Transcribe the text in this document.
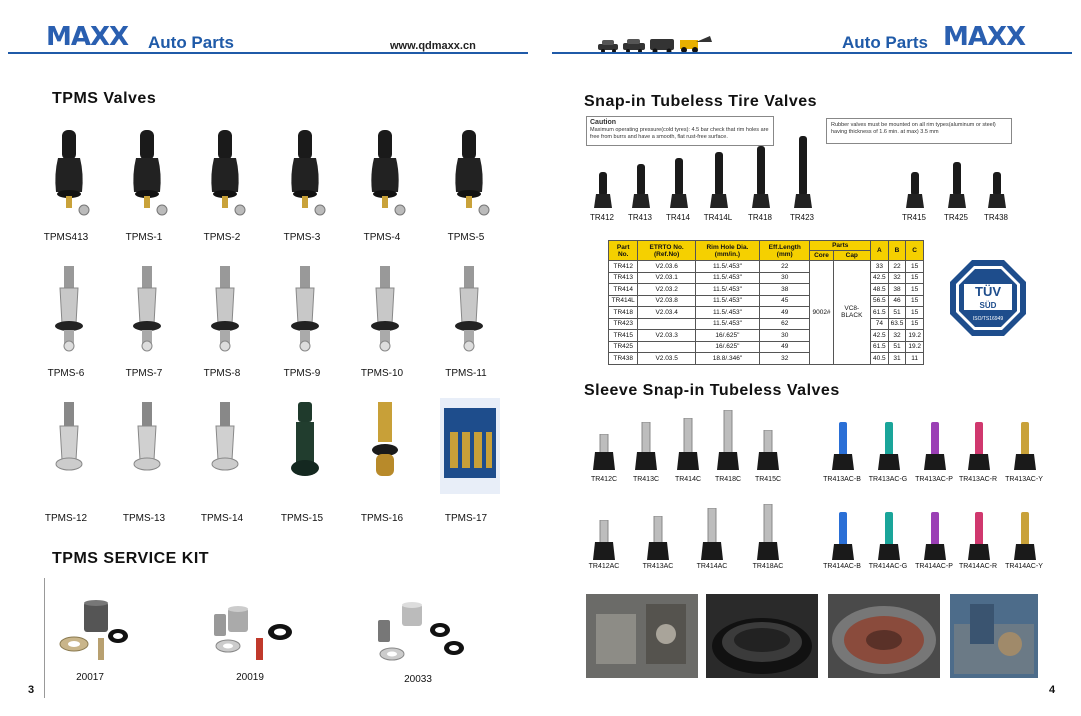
MAXX Auto Parts	www.qdmaxx.cn	Auto Parts MAXX
TPMS Valves
TPMS413	TPMS-1	TPMS-2	TPMS-3	TPMS-4	TPMS-5
TPMS-6	TPMS-7	TPMS-8	TPMS-9	TPMS-10	TPMS-11
TPMS-12	TPMS-13	TPMS-14	TPMS-15	TPMS-16	TPMS-17
TPMS SERVICE KIT
20017	20019	20033
3
Snap-in Tubeless Tire Valves
Caution
Maximum operating pressure(cold tyres): 4.5 bar check that rim holes are free from burrs and have a smooth, flat rust-free surface.
Rubber valves must be mounted on all rim types(aluminum or steel) having thickness of 1.6 min. at max) 3.5 mm
TR412	TR413	TR414	TR414L	TR418	TR423	TR415	TR425	TR438
Part No.	ETRTO No. (Ref.No)	Rim Hole Dia. (mm/in.)	Eff.Length (mm)	Parts		A	B	C
				Core	Cap			
TR412	V2.03.6	11.5/.453"	22	9002#	VC8-BLACK	33	22	15
TR413	V2.03.1	11.5/.453"	30			42.5	32	15
TR414	V2.03.2	11.5/.453"	38			48.5	38	15
TR414L	V2.03.8	11.5/.453"	45			56.5	46	15
TR418	V2.03.4	11.5/.453"	49			61.5	51	15
TR423		11.5/.453"	62			74	63.5	15
TR415	V2.03.3	16/.625"	30			42.5	32	19.2
TR425		16/.625"	49			61.5	51	19.2
TR438	V2.03.5	18.8/.346"	32			40.5	31	11
TÜV
SÜD
ISO/TS16949
Sleeve Snap-in Tubeless Valves
TR412C	TR413C	TR414C	TR418C	TR415C	TR413AC-B	TR413AC-G	TR413AC-P TR413AC-R	TR413AC-Y
TR412AC	TR413AC	TR414AC	TR418AC	TR414AC-B	TR414AC-G	TR414AC-P TR414AC-R	TR414AC-Y
4
